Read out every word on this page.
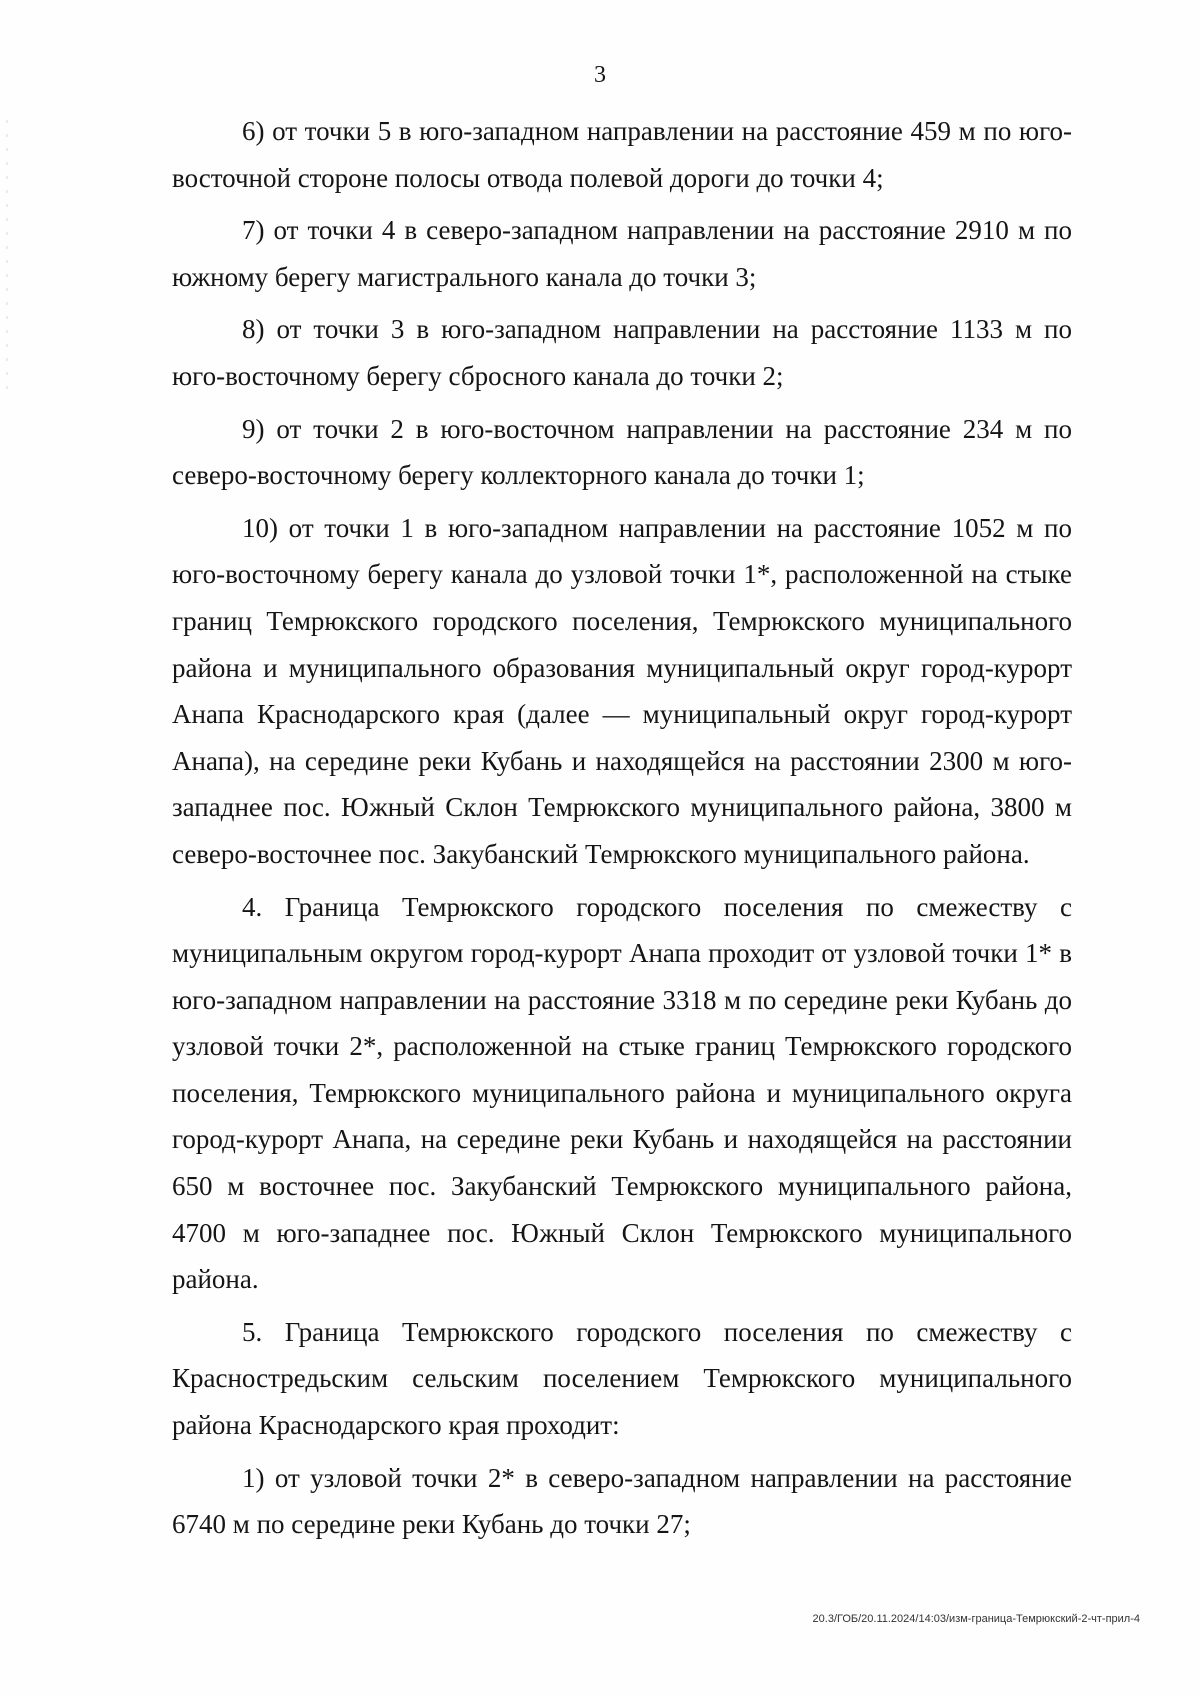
3

6) от точки 5 в юго-западном направлении на расстояние 459 м по юго-восточной стороне полосы отвода полевой дороги до точки 4;

7) от точки 4 в северо-западном направлении на расстояние 2910 м по южному берегу магистрального канала до точки 3;

8) от точки 3 в юго-западном направлении на расстояние 1133 м по юго-восточному берегу сбросного канала до точки 2;

9) от точки 2 в юго-восточном направлении на расстояние 234 м по северо-восточному берегу коллекторного канала до точки 1;

10) от точки 1 в юго-западном направлении на расстояние 1052 м по юго-восточному берегу канала до узловой точки 1*, расположенной на стыке границ Темрюкского городского поселения, Темрюкского муниципального района и муниципального образования муниципальный округ город-курорт Анапа Краснодарского края (далее — муниципальный округ город-курорт Анапа), на середине реки Кубань и находящейся на расстоянии 2300 м юго-западнее пос. Южный Склон Темрюкского муниципального района, 3800 м северо-восточнее пос. Закубанский Темрюкского муниципального района.

4. Граница Темрюкского городского поселения по смежеству с муниципальным округом город-курорт Анапа проходит от узловой точки 1* в юго-западном направлении на расстояние 3318 м по середине реки Кубань до узловой точки 2*, расположенной на стыке границ Темрюкского городского поселения, Темрюкского муниципального района и муниципального округа город-курорт Анапа, на середине реки Кубань и находящейся на расстоянии 650 м восточнее пос. Закубанский Темрюкского муниципального района, 4700 м юго-западнее пос. Южный Склон Темрюкского муниципального района.

5. Граница Темрюкского городского поселения по смежеству с Красностредьским сельским поселением Темрюкского муниципального района Краснодарского края проходит:

1) от узловой точки 2* в северо-западном направлении на расстояние 6740 м по середине реки Кубань до точки 27;

20.3/ГОБ/20.11.2024/14:03/изм-граница-Темрюкский-2-чт-прил-4
